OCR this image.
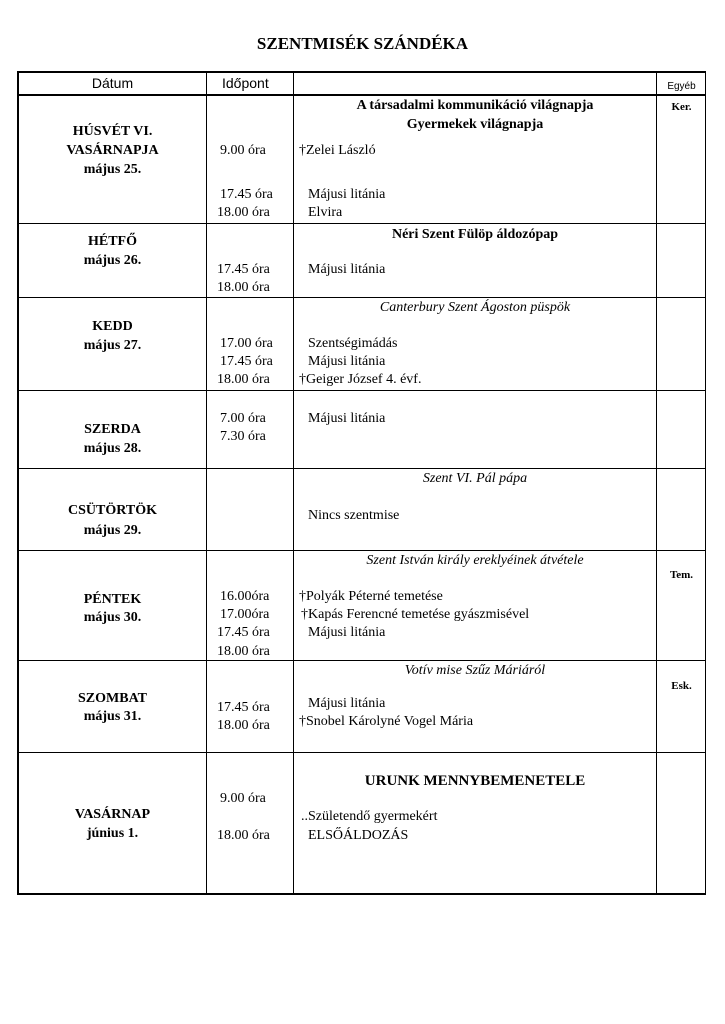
SZENTMISÉK SZÁNDÉKA
Dátum	Időpont	Egyéb
HÚSVÉT VI.
VASÁRNAPJA
május 25.
A társadalmi kommunikáció világnapja
Gyermekek világnapja
9.00 óra
17.45 óra
18.00 óra
†Zelei László
Májusi litánia
Elvira
Ker.
HÉTFŐ
május 26.
Néri Szent Fülöp áldozópap
17.45 óra
18.00 óra
Májusi litánia
KEDD
május 27.
Canterbury Szent Ágoston püspök
17.00 óra
17.45 óra
18.00 óra
Szentségimádás
Májusi litánia
†Geiger József 4. évf.
SZERDA
május 28.
7.00 óra
7.30 óra
Májusi litánia
CSÜTÖRTÖK
május 29.
Szent VI. Pál pápa
Nincs szentmise
PÉNTEK
május 30.
Szent István király ereklyéinek átvétele
16.00óra
17.00óra
17.45 óra
18.00 óra
†Polyák Péterné temetése
†Kapás Ferencné temetése gyászmisével
Májusi litánia
Tem.
SZOMBAT
május 31.
Votív mise Szűz Máriáról
17.45 óra
18.00 óra
Májusi litánia
†Snobel Károlyné Vogel Mária
Esk.
VASÁRNAP
június 1.
URUNK MENNYBEMENETELE
9.00 óra
18.00 óra
..Születendő gyermekért
ELSŐÁLDOZÁS
